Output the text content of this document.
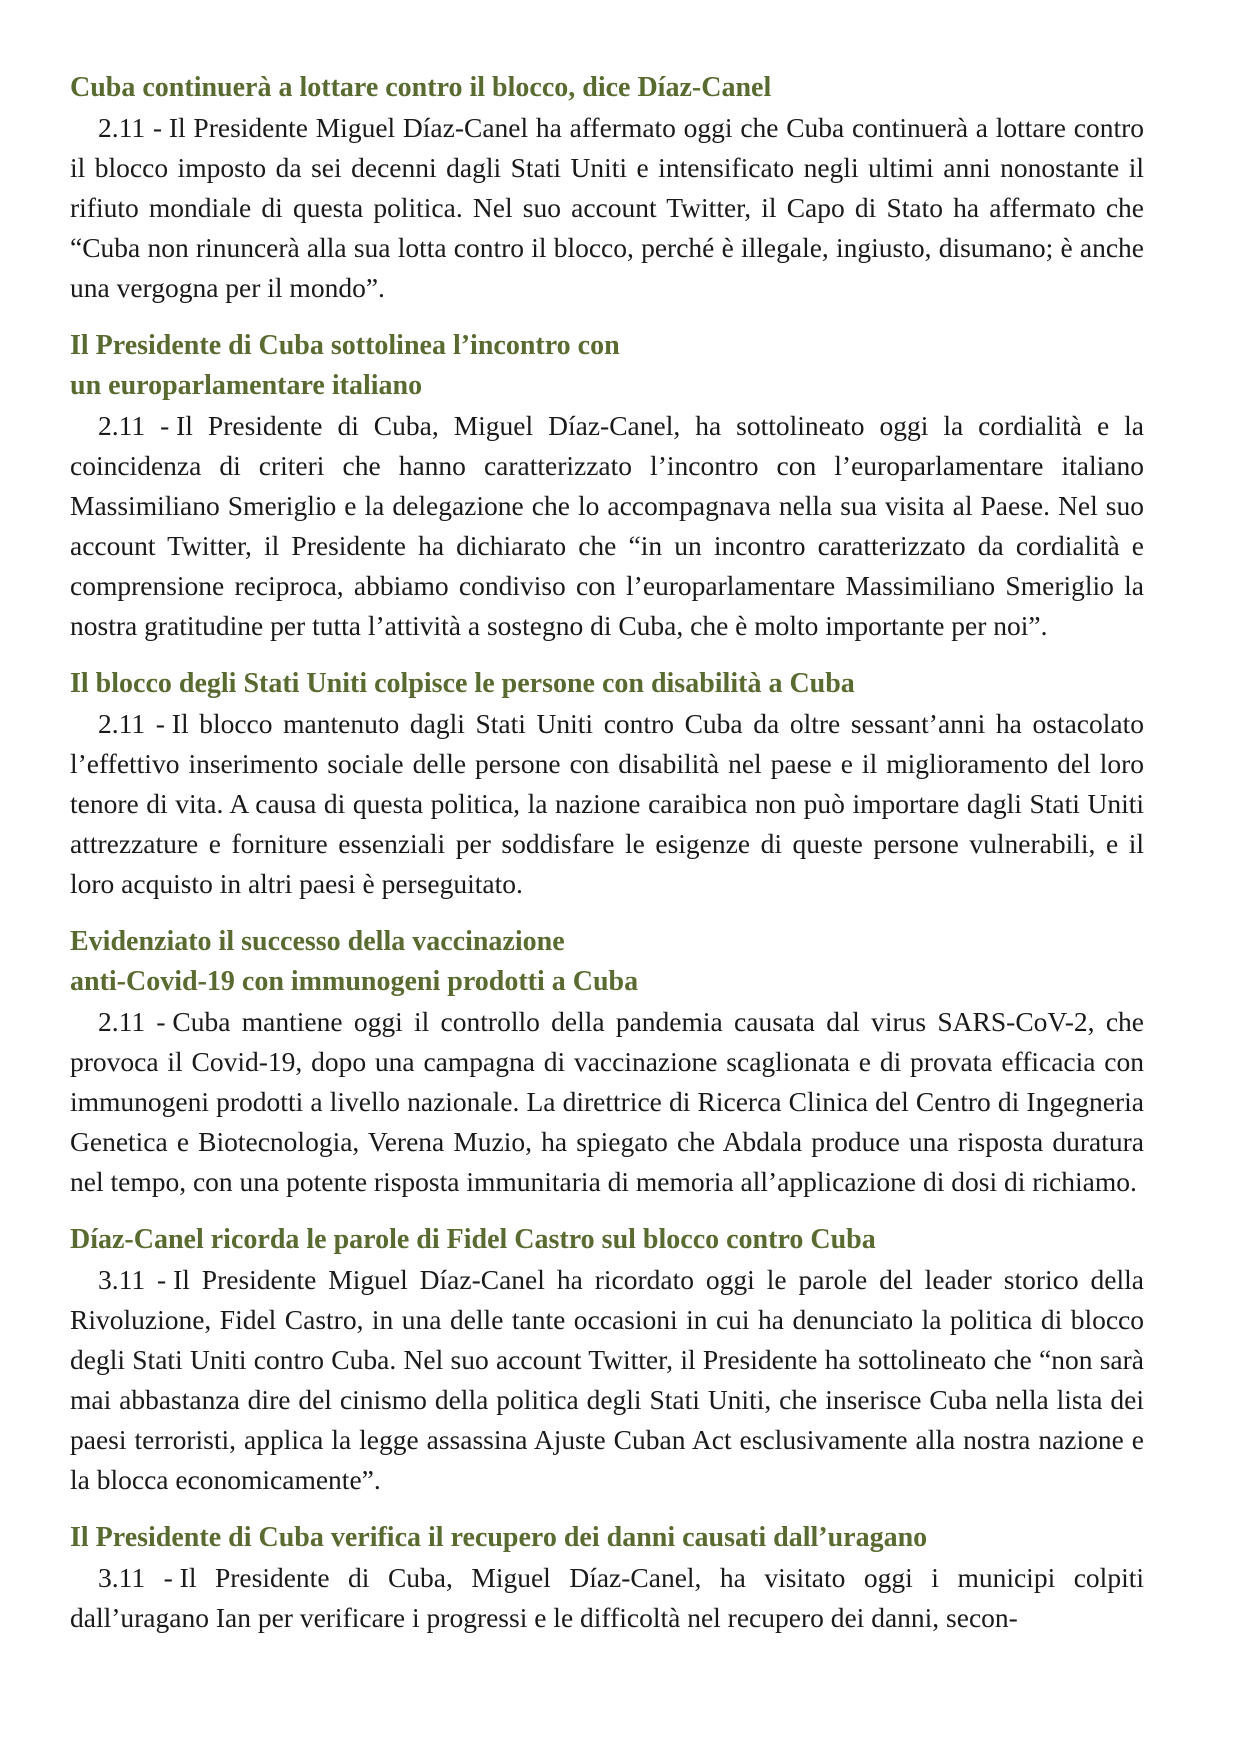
Cuba continuerà a lottare contro il blocco, dice Díaz-Canel

2.11 - Il Presidente Miguel Díaz-Canel ha affermato oggi che Cuba continuerà a lottare contro il blocco imposto da sei decenni dagli Stati Uniti e intensificato negli ultimi anni nonostante il rifiuto mondiale di questa politica. Nel suo account Twitter, il Capo di Stato ha affermato che “Cuba non rinuncerà alla sua lotta contro il blocco, perché è illegale, ingiusto, disumano; è anche una vergogna per il mondo”.

Il Presidente di Cuba sottolinea l’incontro con
un europarlamentare italiano

2.11 - Il Presidente di Cuba, Miguel Díaz-Canel, ha sottolineato oggi la cordialità e la coincidenza di criteri che hanno caratterizzato l’incontro con l’europarlamentare italiano Massimiliano Smeriglio e la delegazione che lo accompagnava nella sua visita al Paese. Nel suo account Twitter, il Presidente ha dichiarato che “in un incontro caratterizzato da cordialità e comprensione reciproca, abbiamo condiviso con l’europarlamentare Massimiliano Smeriglio la nostra gratitudine per tutta l’attività a sostegno di Cuba, che è molto importante per noi”.

Il blocco degli Stati Uniti colpisce le persone con disabilità a Cuba

2.11 - Il blocco mantenuto dagli Stati Uniti contro Cuba da oltre sessant’anni ha ostacolato l’effettivo inserimento sociale delle persone con disabilità nel paese e il miglioramento del loro tenore di vita. A causa di questa politica, la nazione caraibica non può importare dagli Stati Uniti attrezzature e forniture essenziali per soddisfare le esigenze di queste persone vulnerabili, e il loro acquisto in altri paesi è perseguitato.

Evidenziato il successo della vaccinazione
anti-Covid-19 con immunogeni prodotti a Cuba

2.11 - Cuba mantiene oggi il controllo della pandemia causata dal virus SARS-CoV-2, che provoca il Covid-19, dopo una campagna di vaccinazione scaglionata e di provata efficacia con immunogeni prodotti a livello nazionale. La direttrice di Ricerca Clinica del Centro di Ingegneria Genetica e Biotecnologia, Verena Muzio, ha spiegato che Abdala produce una risposta duratura nel tempo, con una potente risposta immunitaria di memoria all’applicazione di dosi di richiamo.

Díaz-Canel ricorda le parole di Fidel Castro sul blocco contro Cuba

3.11 - Il Presidente Miguel Díaz-Canel ha ricordato oggi le parole del leader storico della Rivoluzione, Fidel Castro, in una delle tante occasioni in cui ha denunciato la politica di blocco degli Stati Uniti contro Cuba. Nel suo account Twitter, il Presidente ha sottolineato che “non sarà mai abbastanza dire del cinismo della politica degli Stati Uniti, che inserisce Cuba nella lista dei paesi terroristi, applica la legge assassina Ajuste Cuban Act esclusivamente alla nostra nazione e la blocca economicamente”.

Il Presidente di Cuba verifica il recupero dei danni causati dall’uragano

3.11 - Il Presidente di Cuba, Miguel Díaz-Canel, ha visitato oggi i municipi colpiti dall’uragano Ian per verificare i progressi e le difficoltà nel recupero dei danni, secon-
